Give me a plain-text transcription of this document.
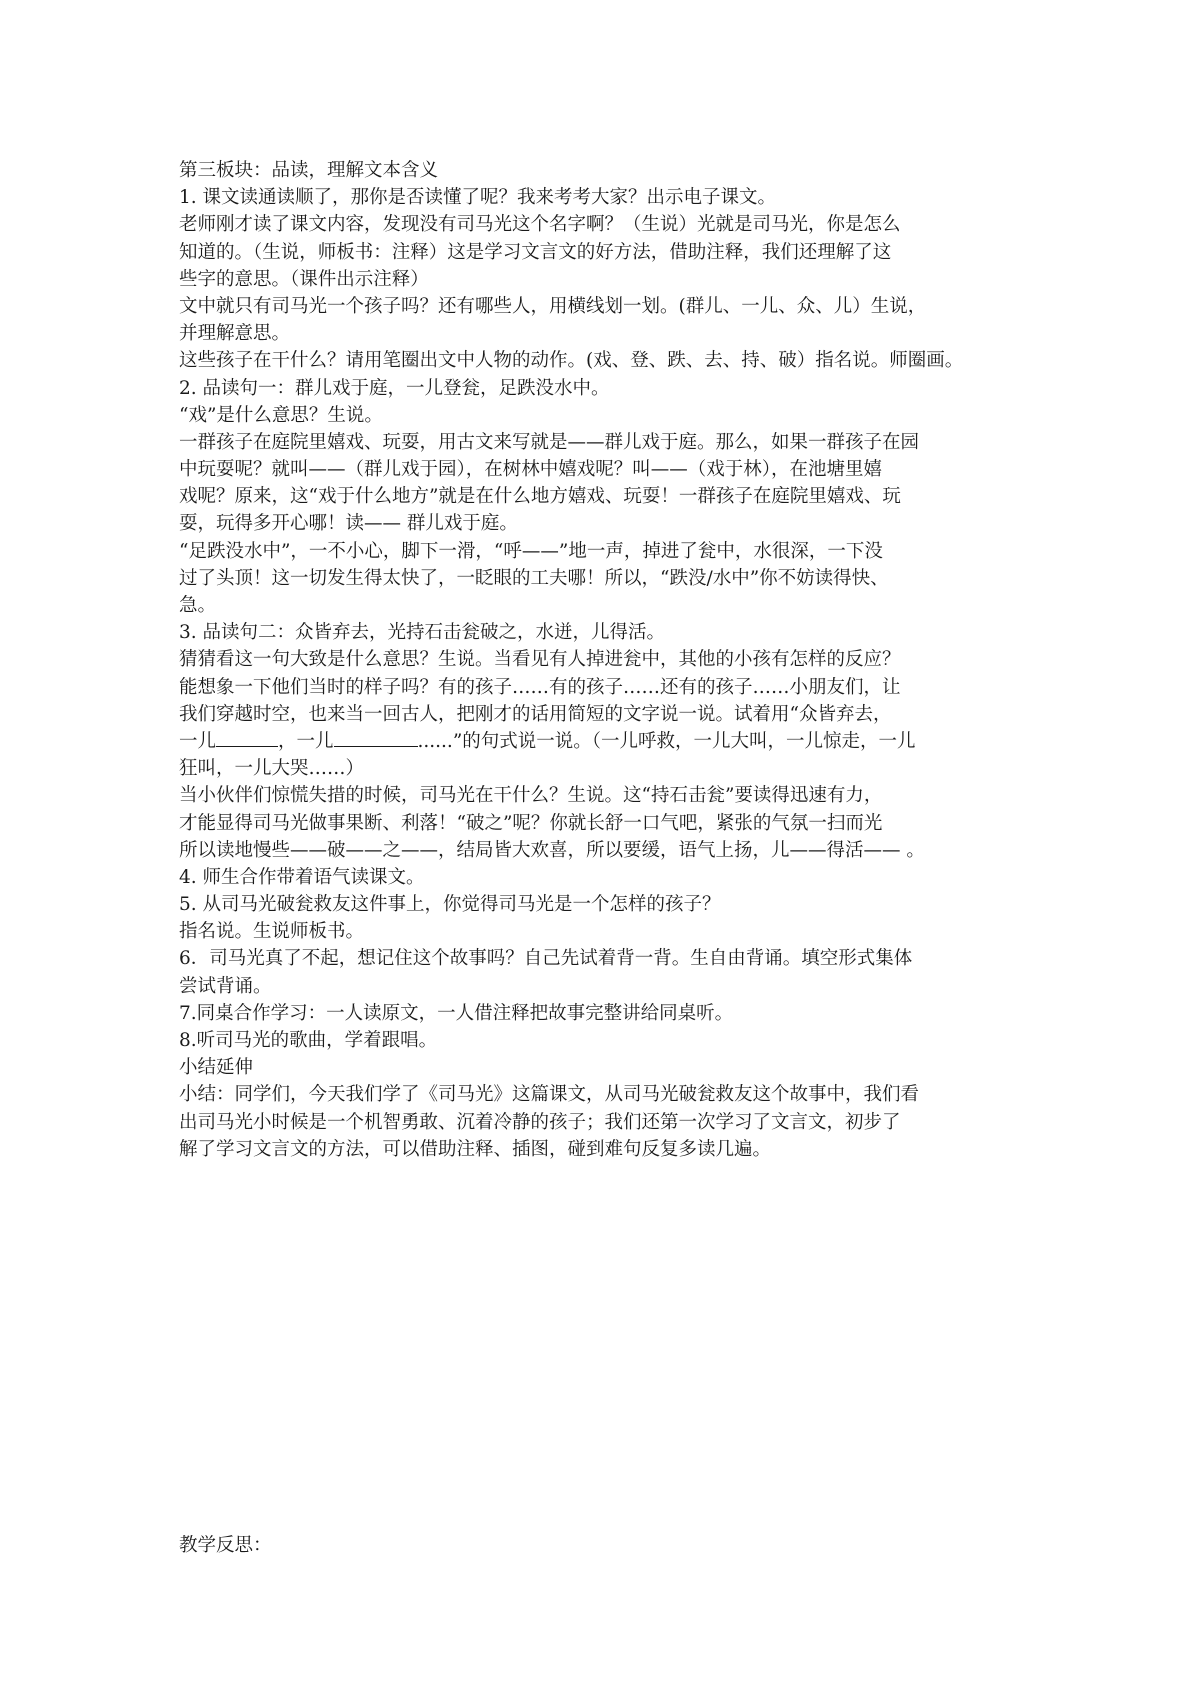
第三板块：品读，理解文本含义
1. 课文读通读顺了，那你是否读懂了呢？我来考考大家？出示电子课文。
老师刚才读了课文内容，发现没有司马光这个名字啊？（生说）光就是司马光，你是怎么
知道的。（生说，师板书：注释）这是学习文言文的好方法，借助注释，我们还理解了这
些字的意思。（课件出示注释）
文中就只有司马光一个孩子吗？还有哪些人，用横线划一划。(群儿、一儿、众、儿）生说，
并理解意思。
这些孩子在干什么？请用笔圈出文中人物的动作。(戏、登、跌、去、持、破）指名说。师圈画。
2. 品读句一：群儿戏于庭，一儿登瓮，足跌没水中。
“戏”是什么意思？生说。
一群孩子在庭院里嬉戏、玩耍，用古文来写就是——群儿戏于庭。那么，如果一群孩子在园
中玩耍呢？就叫——（群儿戏于园），在树林中嬉戏呢？叫——（戏于林），在池塘里嬉
戏呢？原来，这“戏于什么地方”就是在什么地方嬉戏、玩耍！一群孩子在庭院里嬉戏、玩
耍，玩得多开心哪！读—— 群儿戏于庭。
“足跌没水中”，一不小心，脚下一滑，“呼——”地一声，掉进了瓮中，水很深，一下没
过了头顶！这一切发生得太快了，一眨眼的工夫哪！所以，“跌没/水中”你不妨读得快、
急。
3. 品读句二：众皆弃去，光持石击瓮破之，水迸，儿得活。
猜猜看这一句大致是什么意思？生说。当看见有人掉进瓮中，其他的小孩有怎样的反应？
能想象一下他们当时的样子吗？有的孩子……有的孩子……还有的孩子……小朋友们，让
我们穿越时空，也来当一回古人，把刚才的话用简短的文字说一说。试着用“众皆弃去，
一儿	，一儿	......”的句式说一说。（一儿呼救，一儿大叫，一儿惊走，一儿
狂叫，一儿大哭……）
当小伙伴们惊慌失措的时候，司马光在干什么？生说。这“持石击瓮”要读得迅速有力，
才能显得司马光做事果断、利落！“破之”呢？你就长舒一口气吧，紧张的气氛一扫而光
所以读地慢些——破——之——，结局皆大欢喜，所以要缓，语气上扬，儿——得活—— 。
4. 师生合作带着语气读课文。
5. 从司马光破瓮救友这件事上，你觉得司马光是一个怎样的孩子？
指名说。生说师板书。
6．司马光真了不起，想记住这个故事吗？自己先试着背一背。生自由背诵。填空形式集体
尝试背诵。
7.同桌合作学习：一人读原文，一人借注释把故事完整讲给同桌听。
8.听司马光的歌曲，学着跟唱。
小结延伸
小结：同学们，今天我们学了《司马光》这篇课文，从司马光破瓮救友这个故事中，我们看
出司马光小时候是一个机智勇敢、沉着冷静的孩子；我们还第一次学习了文言文，初步了
解了学习文言文的方法，可以借助注释、插图，碰到难句反复多读几遍。
教学反思：
